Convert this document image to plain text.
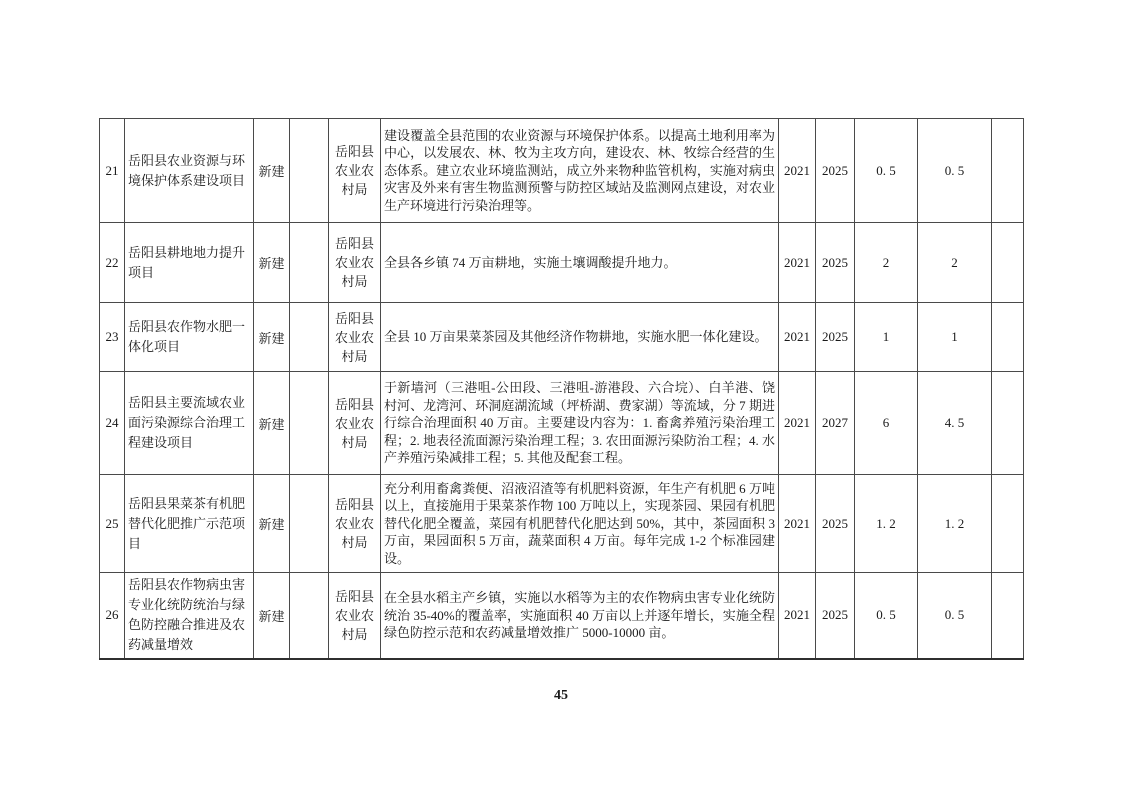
21	岳阳县农业资源与环境保护体系建设项目	新建		岳阳县农业农村局	建设覆盖全县范围的农业资源与环境保护体系。以提高土地利用率为中心，以发展农、林、牧为主攻方向，建设农、林、牧综合经营的生态体系。建立农业环境监测站，成立外来物种监管机构，实施对病虫灾害及外来有害生物监测预警与防控区域站及监测网点建设，对农业生产环境进行污染治理等。	2021	2025	0. 5	0. 5	
22	岳阳县耕地地力提升项目	新建		岳阳县农业农村局	全县各乡镇 74 万亩耕地，实施土壤调酸提升地力。	2021	2025	2	2	
23	岳阳县农作物水肥一体化项目	新建		岳阳县农业农村局	全县 10 万亩果菜茶园及其他经济作物耕地，实施水肥一体化建设。	2021	2025	1	1	
24	岳阳县主要流域农业面污染源综合治理工程建设项目	新建		岳阳县农业农村局	于新墙河（三港咀-公田段、三港咀-游港段、六合垸）、白羊港、饶村河、龙湾河、环洞庭湖流域（坪桥湖、费家湖）等流域，分 7 期进行综合治理面积 40 万亩。主要建设内容为：1. 畜禽养殖污染治理工程；2. 地表径流面源污染治理工程；3. 农田面源污染防治工程；4. 水产养殖污染减排工程；5. 其他及配套工程。	2021	2027	6	4. 5	
25	岳阳县果菜茶有机肥替代化肥推广示范项目	新建		岳阳县农业农村局	充分利用畜禽粪便、沼液沼渣等有机肥料资源，年生产有机肥 6 万吨以上，直接施用于果菜茶作物 100 万吨以上，实现茶园、果园有机肥替代化肥全覆盖，菜园有机肥替代化肥达到 50%，其中，茶园面积 3 万亩，果园面积 5 万亩，蔬菜面积 4 万亩。每年完成 1-2 个标准园建设。	2021	2025	1. 2	1. 2	
26	岳阳县农作物病虫害专业化统防统治与绿色防控融合推进及农药减量增效	新建		岳阳县农业农村局	在全县水稻主产乡镇，实施以水稻等为主的农作物病虫害专业化统防统治 35-40%的覆盖率，实施面积 40 万亩以上并逐年增长，实施全程绿色防控示范和农药减量增效推广 5000-10000 亩。	2021	2025	0. 5	0. 5	
45
